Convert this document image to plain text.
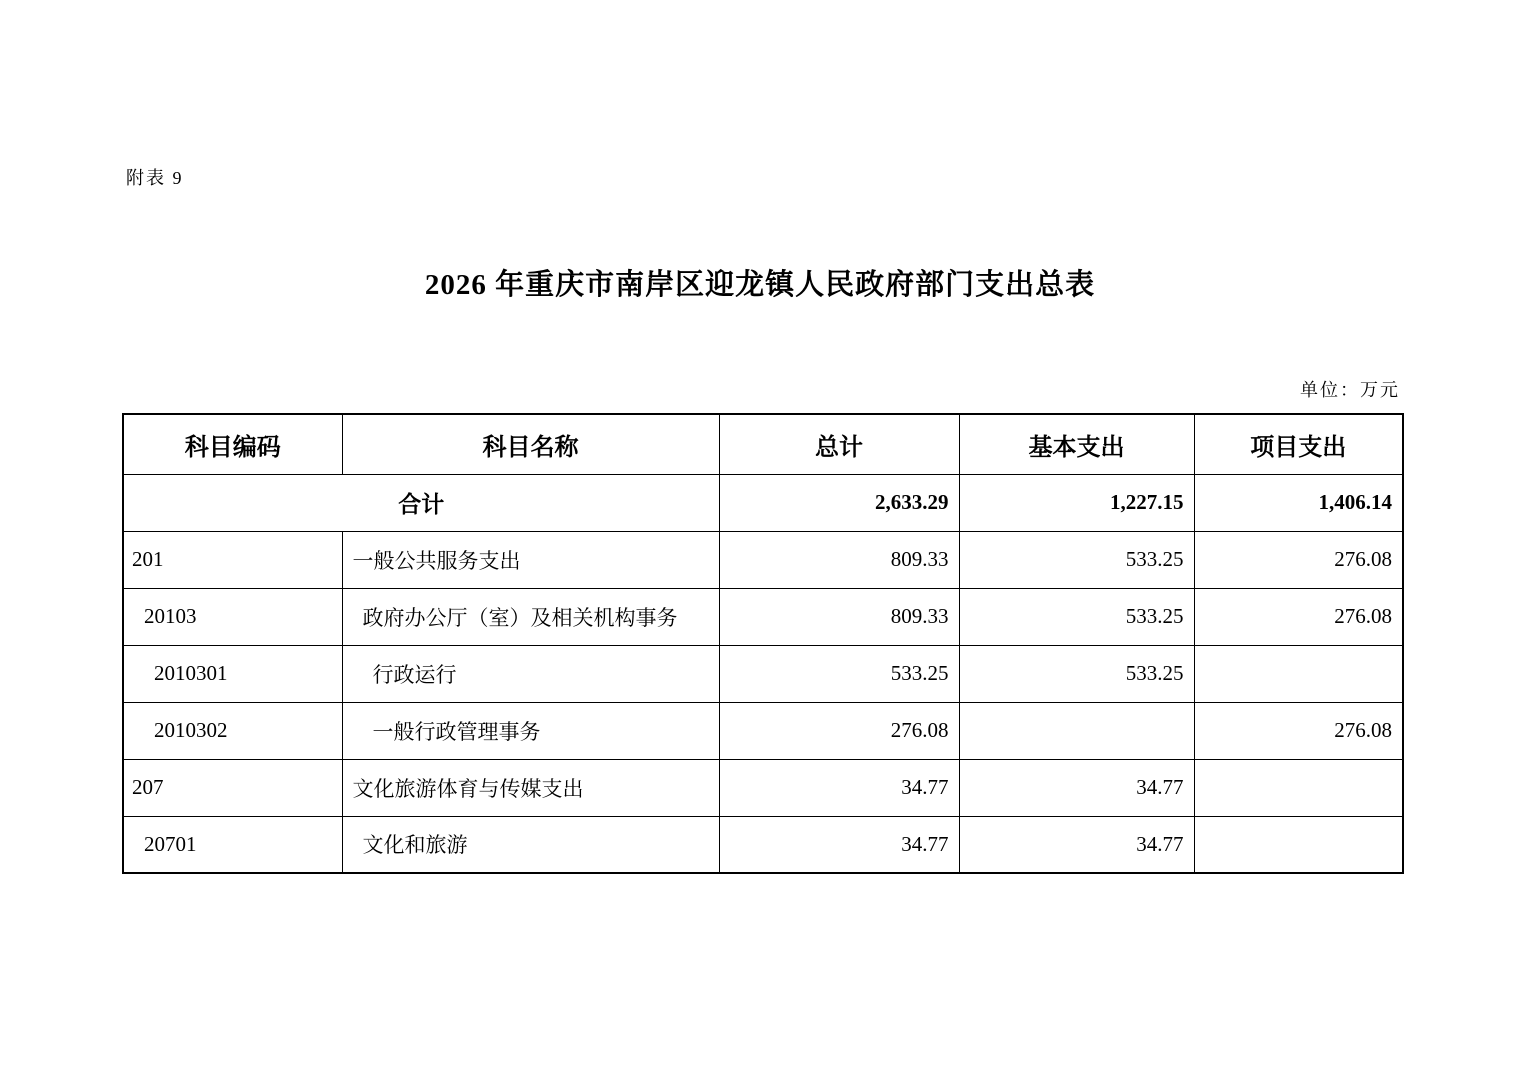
附表 9
2026 年重庆市南岸区迎龙镇人民政府部门支出总表
单位：万元
科目编码	科目名称	总计	基本支出	项目支出
合计		2,633.29	1,227.15	1,406.14
201	一般公共服务支出	809.33	533.25	276.08
20103	政府办公厅（室）及相关机构事务	809.33	533.25	276.08
2010301	行政运行	533.25	533.25	
2010302	一般行政管理事务	276.08		276.08
207	文化旅游体育与传媒支出	34.77	34.77	
20701	文化和旅游	34.77	34.77	
